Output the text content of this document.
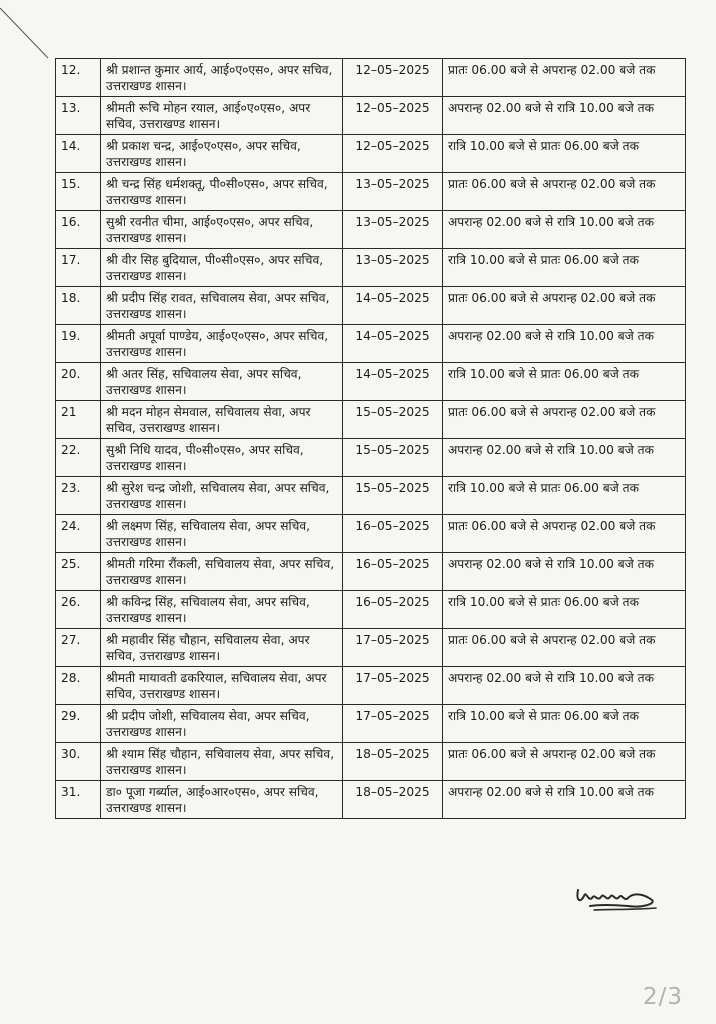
12.	श्री प्रशान्त कुमार आर्य, आई०ए०एस०, अपर सचिव, उत्तराखण्ड शासन।	12–05–2025	प्रातः 06.00 बजे से अपरान्ह 02.00 बजे तक
13.	श्रीमती रूचि मोहन रयाल, आई०ए०एस०, अपर सचिव, उत्तराखण्ड शासन।	12–05–2025	अपरान्ह 02.00 बजे से रात्रि 10.00 बजे तक
14.	श्री प्रकाश चन्द्र, आई०ए०एस०, अपर सचिव, उत्तराखण्ड शासन।	12–05–2025	रात्रि 10.00 बजे से प्रातः 06.00 बजे तक
15.	श्री चन्द्र सिंह धर्मशक्तू, पी०सी०एस०, अपर सचिव, उत्तराखण्ड शासन।	13–05–2025	प्रातः 06.00 बजे से अपरान्ह 02.00 बजे तक
16.	सुश्री रवनीत चीमा, आई०ए०एस०, अपर सचिव, उत्तराखण्ड शासन।	13–05–2025	अपरान्ह 02.00 बजे से रात्रि 10.00 बजे तक
17.	श्री वीर सिह बुदियाल, पी०सी०एस०, अपर सचिव, उत्तराखण्ड शासन।	13–05–2025	रात्रि 10.00 बजे से प्रातः 06.00 बजे तक
18.	श्री प्रदीप सिंह रावत, सचिवालय सेवा, अपर सचिव, उत्तराखण्ड शासन।	14–05–2025	प्रातः 06.00 बजे से अपरान्ह 02.00 बजे तक
19.	श्रीमती अपूर्वा पाण्डेय, आई०ए०एस०, अपर सचिव, उत्तराखण्ड शासन।	14–05–2025	अपरान्ह 02.00 बजे से रात्रि 10.00 बजे तक
20.	श्री अतर सिंह, सचिवालय सेवा, अपर सचिव, उत्तराखण्ड शासन।	14–05–2025	रात्रि 10.00 बजे से प्रातः 06.00 बजे तक
21	श्री मदन मोहन सेमवाल, सचिवालय सेवा, अपर सचिव, उत्तराखण्ड शासन।	15–05–2025	प्रातः 06.00 बजे से अपरान्ह 02.00 बजे तक
22.	सुश्री निधि यादव, पी०सी०एस०, अपर सचिव, उत्तराखण्ड शासन।	15–05–2025	अपरान्ह 02.00 बजे से रात्रि 10.00 बजे तक
23.	श्री सुरेश चन्द्र जोशी, सचिवालय सेवा, अपर सचिव, उत्तराखण्ड शासन।	15–05–2025	रात्रि 10.00 बजे से प्रातः 06.00 बजे तक
24.	श्री लक्ष्मण सिंह, सचिवालय सेवा, अपर सचिव, उत्तराखण्ड शासन।	16–05–2025	प्रातः 06.00 बजे से अपरान्ह 02.00 बजे तक
25.	श्रीमती गरिमा रौंकली, सचिवालय सेवा, अपर सचिव, उत्तराखण्ड शासन।	16–05–2025	अपरान्ह 02.00 बजे से रात्रि 10.00 बजे तक
26.	श्री कविन्द्र सिंह, सचिवालय सेवा, अपर सचिव, उत्तराखण्ड शासन।	16–05–2025	रात्रि 10.00 बजे से प्रातः 06.00 बजे तक
27.	श्री महावीर सिंह चौहान, सचिवालय सेवा, अपर सचिव, उत्तराखण्ड शासन।	17–05–2025	प्रातः 06.00 बजे से अपरान्ह 02.00 बजे तक
28.	श्रीमती मायावती ढकरियाल, सचिवालय सेवा, अपर सचिव, उत्तराखण्ड शासन।	17–05–2025	अपरान्ह 02.00 बजे से रात्रि 10.00 बजे तक
29.	श्री प्रदीप जोशी, सचिवालय सेवा, अपर सचिव, उत्तराखण्ड शासन।	17–05–2025	रात्रि 10.00 बजे से प्रातः 06.00 बजे तक
30.	श्री श्याम सिंह चौहान, सचिवालय सेवा, अपर सचिव, उत्तराखण्ड शासन।	18–05–2025	प्रातः 06.00 बजे से अपरान्ह 02.00 बजे तक
31.	डा० पूजा गर्ब्याल, आई०आर०एस०, अपर सचिव, उत्तराखण्ड शासन।	18–05–2025	अपरान्ह 02.00 बजे से रात्रि 10.00 बजे तक
2/3
